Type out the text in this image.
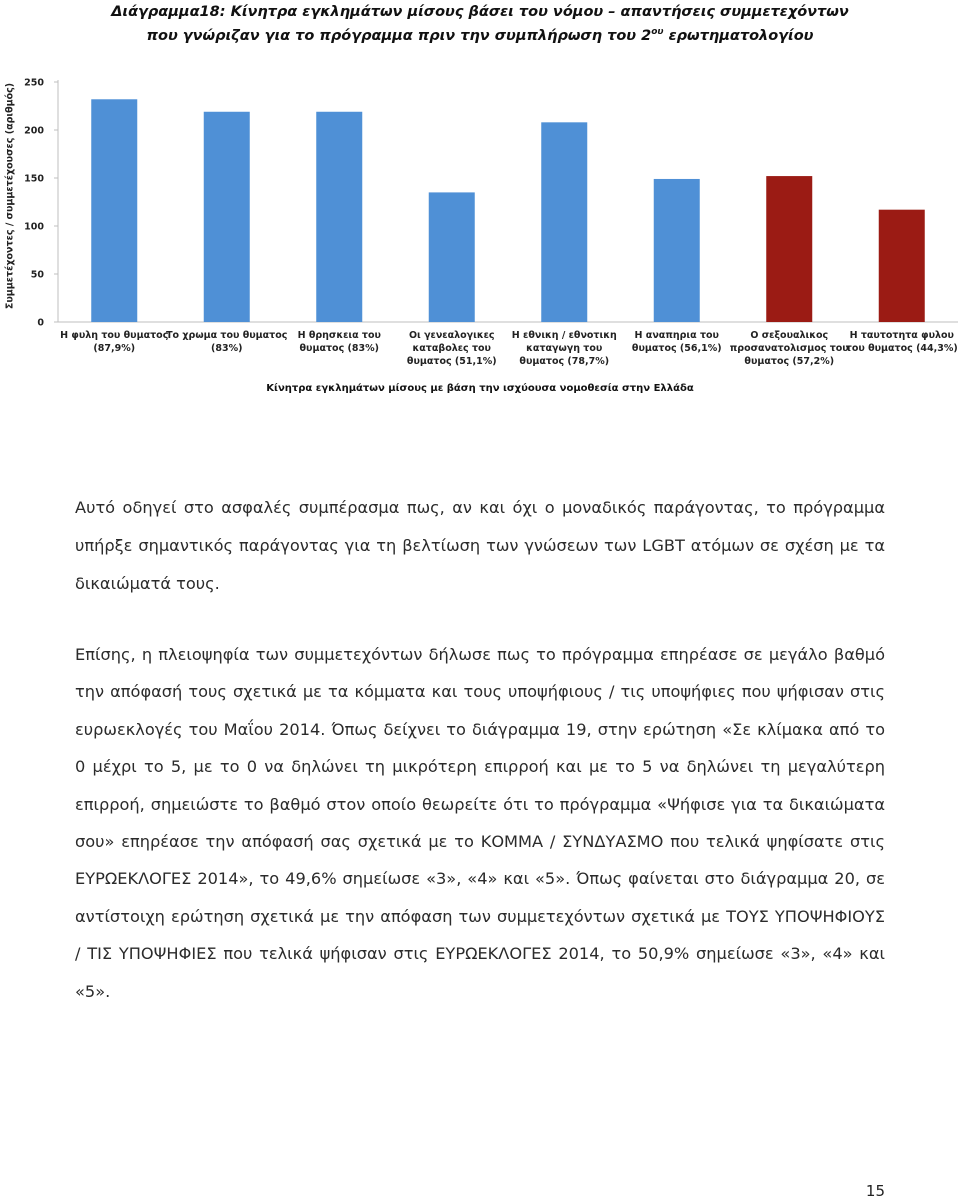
Διάγραμμα18: Κίνητρα εγκλημάτων μίσους βάσει του νόμου – απαντήσεις συμμετεχόντων
που γνώριζαν για το πρόγραμμα πριν την συμπλήρωση του $2^{o\upsilon}$ ερωτηματολογίου
Συμμετέχοντες / συμμετέχουσες (αριθμός)
0
50
100
150
200
250
Η φυλη του θυματος (87,9%)
Το χρωμα του θυματος (83%)
Η θρησκεια του θυματος (83%)
Οι γενεαλογικες καταβολες του θυματος (51,1%)
Η εθνικη / εθνοτικη καταγωγη του θυματος (78,7%)
Η αναπηρια του θυματος (56,1%)
Ο σεξουαλικος προσανατολισμος του θυματος (57,2%)
Η ταυτοτητα φυλου του θυματος (44,3%)
Κίνητρα εγκλημάτων μίσους με βάση την ισχύουσα νομοθεσία στην Ελλάδα
Αυτό οδηγεί στο ασφαλές συμπέρασμα πως, αν και όχι ο μοναδικός παράγοντας, το πρόγραμμα υπήρξε σημαντικός παράγοντας για τη βελτίωση των γνώσεων των LGBT ατόμων σε σχέση με τα δικαιώματά τους.
Επίσης, η πλειοψηφία των συμμετεχόντων δήλωσε πως το πρόγραμμα επηρέασε σε μεγάλο βαθμό την απόφασή τους σχετικά με τα κόμματα και τους υποψήφιους / τις υποψήφιες που ψήφισαν στις ευρωεκλογές του Μαΐου 2014. Όπως δείχνει το διάγραμμα 19, στην ερώτηση «Σε κλίμακα από το 0 μέχρι το 5, με το 0 να δηλώνει τη μικρότερη επιρροή και με το 5 να δηλώνει τη μεγαλύτερη επιρροή, σημειώστε το βαθμό στον οποίο θεωρείτε ότι το πρόγραμμα «Ψήφισε για τα δικαιώματα σου» επηρέασε την απόφασή σας σχετικά με το ΚΟΜΜΑ / ΣΥΝΔΥΑΣΜΟ που τελικά ψηφίσατε στις ΕΥΡΩΕΚΛΟΓΕΣ 2014», το 49,6% σημείωσε «3», «4» και «5». Όπως φαίνεται στο διάγραμμα 20, σε αντίστοιχη ερώτηση σχετικά με την απόφαση των συμμετεχόντων σχετικά με ΤΟΥΣ ΥΠΟΨΗΦΙΟΥΣ / ΤΙΣ ΥΠΟΨΗΦΙΕΣ που τελικά ψήφισαν στις ΕΥΡΩΕΚΛΟΓΕΣ 2014, το 50,9% σημείωσε «3», «4» και «5».
15
